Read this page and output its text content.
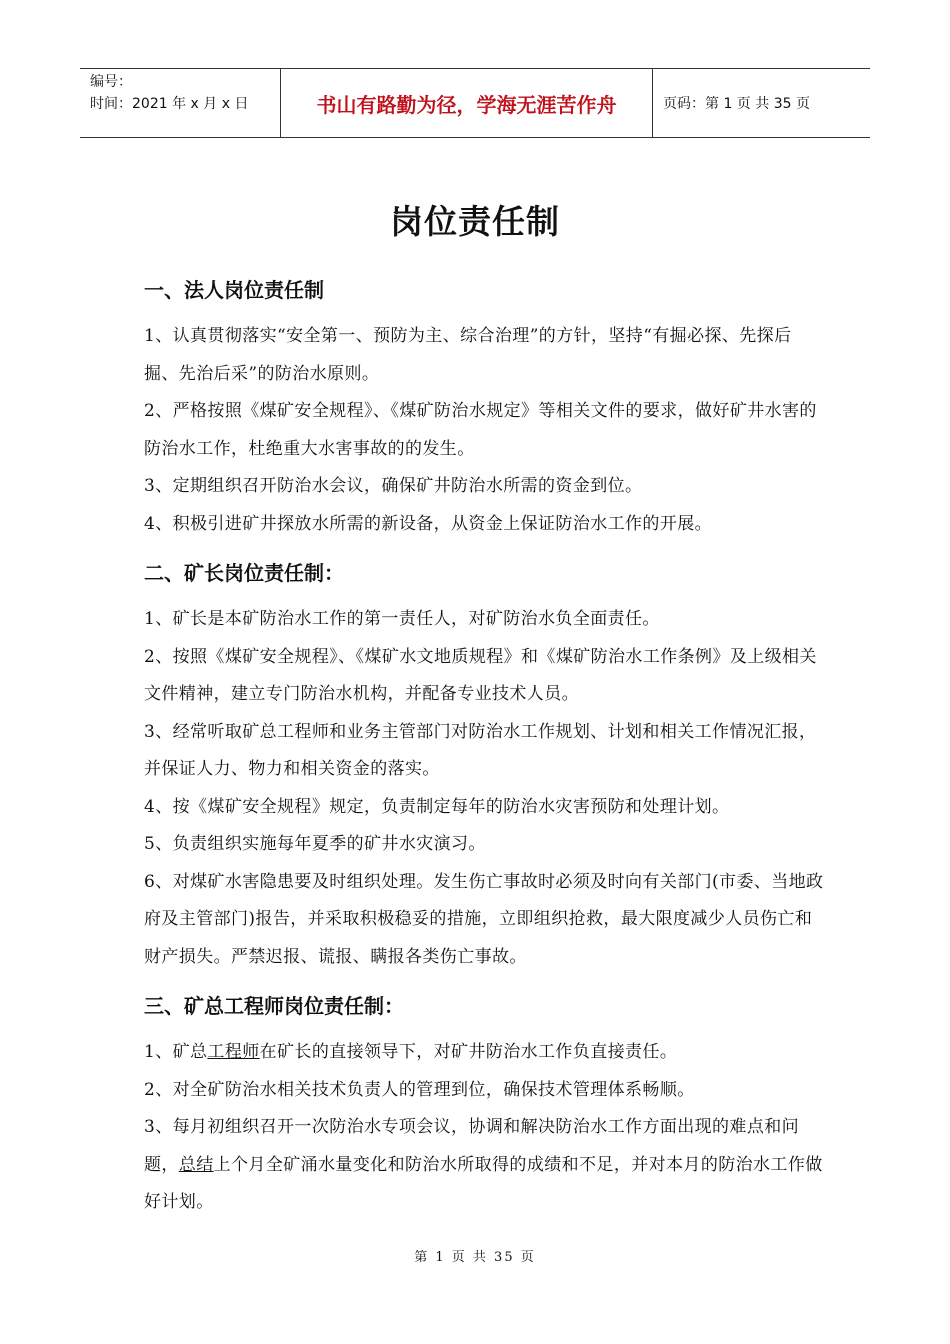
编号：
时间：2021 年 x 月 x 日	书山有路勤为径，学海无涯苦作舟	页码：第 1 页 共 35 页
岗位责任制
一、法人岗位责任制

1、认真贯彻落实“安全第一、预防为主、综合治理”的方针，坚持“有掘必探、先探后掘、先治后采”的防治水原则。

2、严格按照《煤矿安全规程》、《煤矿防治水规定》等相关文件的要求，做好矿井水害的防治水工作，杜绝重大水害事故的的发生。

3、定期组织召开防治水会议，确保矿井防治水所需的资金到位。

4、积极引进矿井探放水所需的新设备，从资金上保证防治水工作的开展。

二、矿长岗位责任制：

1、矿长是本矿防治水工作的第一责任人，对矿防治水负全面责任。

2、按照《煤矿安全规程》、《煤矿水文地质规程》和《煤矿防治水工作条例》及上级相关文件精神，建立专门防治水机构，并配备专业技术人员。

3、经常听取矿总工程师和业务主管部门对防治水工作规划、计划和相关工作情况汇报，并保证人力、物力和相关资金的落实。

4、按《煤矿安全规程》规定，负责制定每年的防治水灾害预防和处理计划。

5、负责组织实施每年夏季的矿井水灾演习。

6、对煤矿水害隐患要及时组织处理。发生伤亡事故时必须及时向有关部门(市委、当地政府及主管部门)报告，并采取积极稳妥的措施，立即组织抢救，最大限度减少人员伤亡和财产损失。严禁迟报、谎报、瞒报各类伤亡事故。

三、矿总工程师岗位责任制：

1、矿总工程师在矿长的直接领导下，对矿井防治水工作负直接责任。

2、对全矿防治水相关技术负责人的管理到位，确保技术管理体系畅顺。

3、每月初组织召开一次防治水专项会议，协调和解决防治水工作方面出现的难点和问题，总结上个月全矿涌水量变化和防治水所取得的成绩和不足，并对本月的防治水工作做好计划。

第 1 页 共 35 页
